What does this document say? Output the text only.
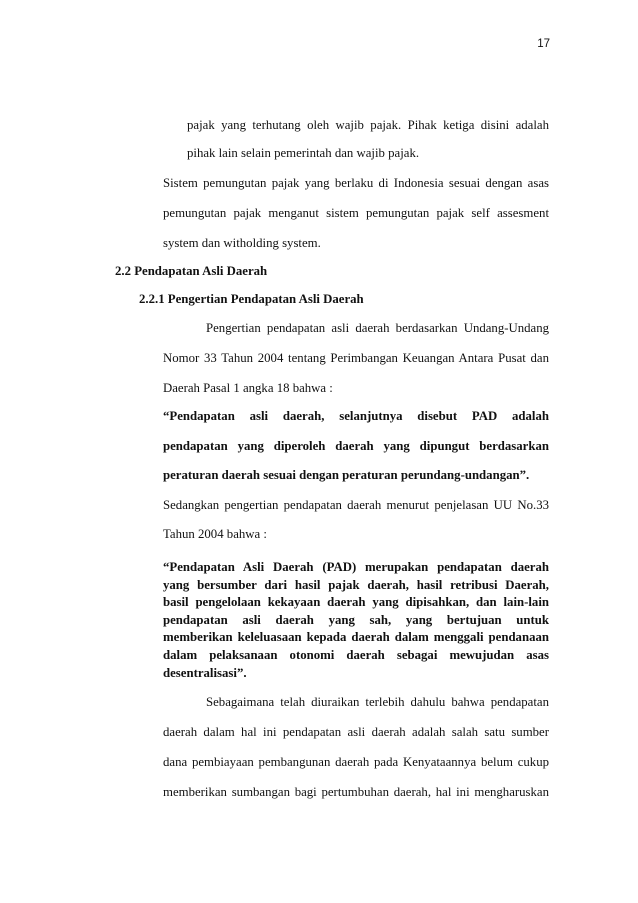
17
pajak yang terhutang oleh wajib pajak. Pihak ketiga disini adalah
pihak lain selain pemerintah dan wajib pajak.
Sistem pemungutan pajak yang berlaku di Indonesia sesuai dengan asas
pemungutan pajak menganut sistem pemungutan pajak self assesment
system dan witholding system.
2.2 Pendapatan Asli Daerah
2.2.1 Pengertian Pendapatan Asli Daerah
Pengertian pendapatan asli daerah berdasarkan Undang-Undang
Nomor 33 Tahun 2004 tentang Perimbangan Keuangan Antara Pusat dan
Daerah Pasal 1 angka 18 bahwa :
“Pendapatan asli daerah, selanjutnya disebut PAD adalah
pendapatan yang diperoleh daerah yang dipungut berdasarkan
peraturan daerah sesuai dengan peraturan perundang-undangan”.
Sedangkan pengertian pendapatan daerah menurut penjelasan UU No.33
Tahun 2004 bahwa :
“Pendapatan Asli Daerah (PAD) merupakan pendapatan daerah
yang bersumber dari hasil pajak daerah, hasil retribusi Daerah,
basil pengelolaan kekayaan daerah yang dipisahkan, dan lain-lain
pendapatan asli daerah yang sah, yang bertujuan untuk
memberikan keleluasaan kepada daerah dalam menggali pendanaan
dalam pelaksanaan otonomi daerah sebagai mewujudan asas
desentralisasi”.
Sebagaimana telah diuraikan terlebih dahulu bahwa pendapatan
daerah dalam hal ini pendapatan asli daerah adalah salah satu sumber
dana pembiayaan pembangunan daerah pada Kenyataannya belum cukup
memberikan sumbangan bagi pertumbuhan daerah, hal ini mengharuskan
